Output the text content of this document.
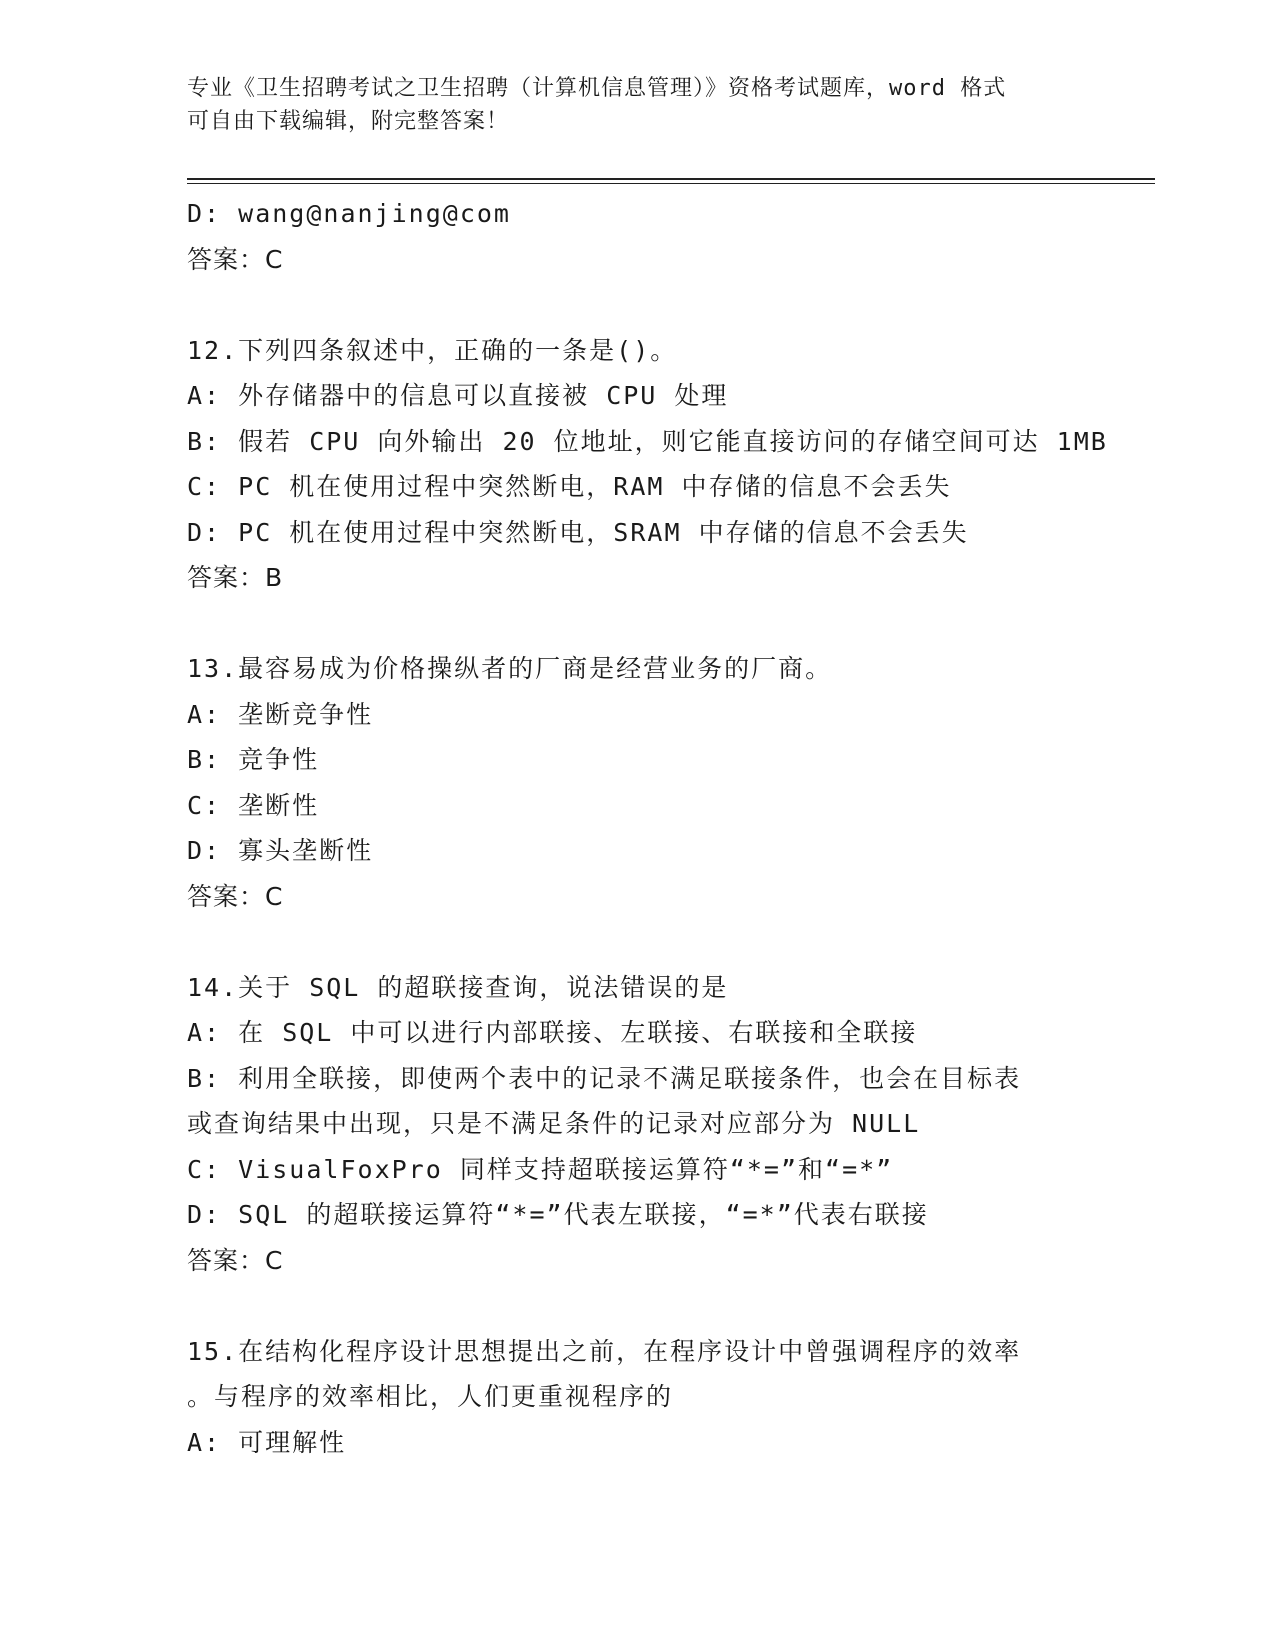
专业《卫生招聘考试之卫生招聘（计算机信息管理）》资格考试题库，word 格式
可自由下载编辑，附完整答案！
D: wang@nanjing@com
答案：C
12.下列四条叙述中，正确的一条是()。
A: 外存储器中的信息可以直接被 CPU 处理
B: 假若 CPU 向外输出 20 位地址，则它能直接访问的存储空间可达 1MB
C: PC 机在使用过程中突然断电，RAM 中存储的信息不会丢失
D: PC 机在使用过程中突然断电，SRAM 中存储的信息不会丢失
答案：B
13.最容易成为价格操纵者的厂商是经营业务的厂商。
A: 垄断竞争性
B: 竞争性
C: 垄断性
D: 寡头垄断性
答案：C
14.关于 SQL 的超联接查询，说法错误的是
A: 在 SQL 中可以进行内部联接、左联接、右联接和全联接
B: 利用全联接，即使两个表中的记录不满足联接条件，也会在目标表
或查询结果中出现，只是不满足条件的记录对应部分为 NULL
C: VisualFoxPro 同样支持超联接运算符“*=”和“=*”
D: SQL 的超联接运算符“*=”代表左联接，“=*”代表右联接
答案：C
15.在结构化程序设计思想提出之前，在程序设计中曾强调程序的效率
。与程序的效率相比，人们更重视程序的
A: 可理解性
